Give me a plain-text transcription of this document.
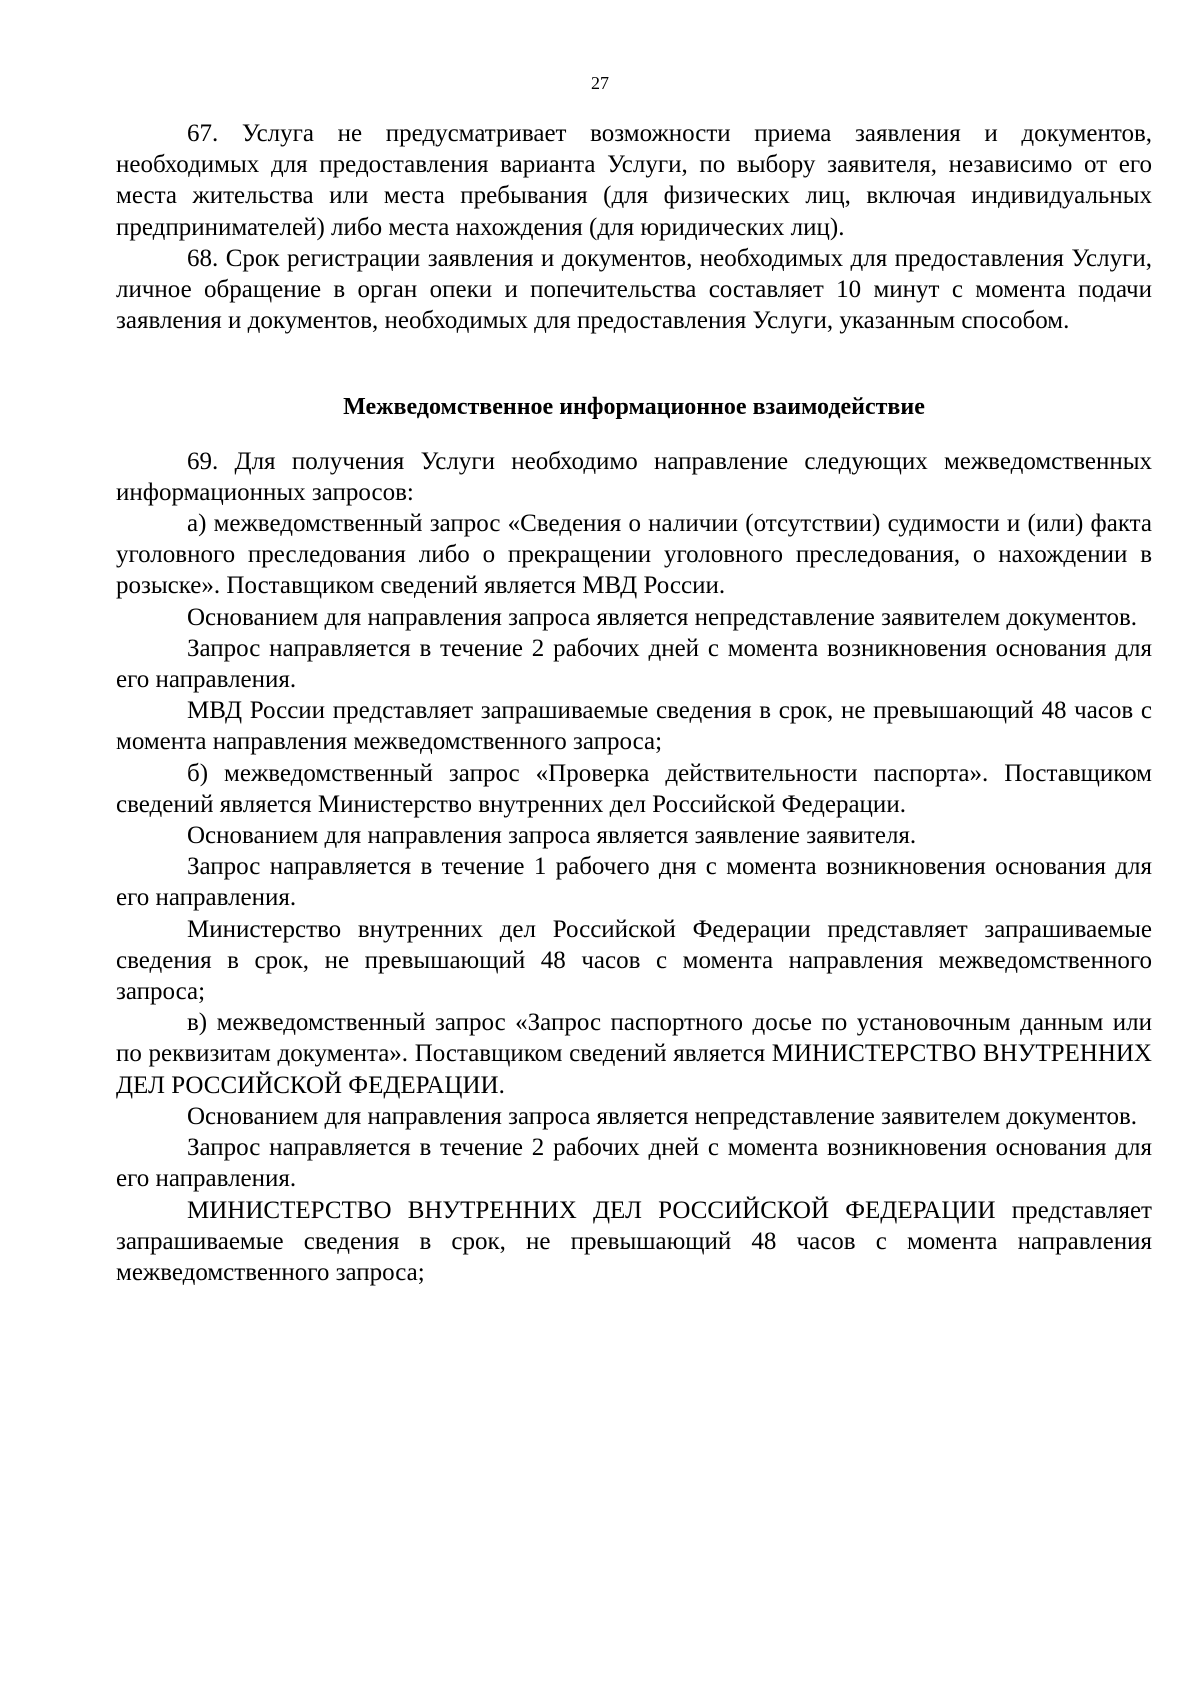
27

67. Услуга не предусматривает возможности приема заявления и документов, необходимых для предоставления варианта Услуги, по выбору заявителя, независимо от его места жительства или места пребывания (для физических лиц, включая индивидуальных предпринимателей) либо места нахождения (для юридических лиц).

68. Срок регистрации заявления и документов, необходимых для предоставления Услуги, личное обращение в орган опеки и попечительства составляет 10 минут с момента подачи заявления и документов, необходимых для предоставления Услуги, указанным способом.

Межведомственное информационное взаимодействие

69. Для получения Услуги необходимо направление следующих межведомственных информационных запросов:

а) межведомственный запрос «Сведения о наличии (отсутствии) судимости и (или) факта уголовного преследования либо о прекращении уголовного преследования, о нахождении в розыске». Поставщиком сведений является МВД России.

Основанием для направления запроса является непредставление заявителем документов.

Запрос направляется в течение 2 рабочих дней с момента возникновения основания для его направления.

МВД России представляет запрашиваемые сведения в срок, не превышающий 48 часов с момента направления межведомственного запроса;

б) межведомственный запрос «Проверка действительности паспорта». Поставщиком сведений является Министерство внутренних дел Российской Федерации.

Основанием для направления запроса является заявление заявителя.

Запрос направляется в течение 1 рабочего дня с момента возникновения основания для его направления.

Министерство внутренних дел Российской Федерации представляет запрашиваемые сведения в срок, не превышающий 48 часов с момента направления межведомственного запроса;

в) межведомственный запрос «Запрос паспортного досье по установочным данным или по реквизитам документа». Поставщиком сведений является МИНИСТЕРСТВО ВНУТРЕННИХ ДЕЛ РОССИЙСКОЙ ФЕДЕРАЦИИ.

Основанием для направления запроса является непредставление заявителем документов.

Запрос направляется в течение 2 рабочих дней с момента возникновения основания для его направления.

МИНИСТЕРСТВО ВНУТРЕННИХ ДЕЛ РОССИЙСКОЙ ФЕДЕРАЦИИ представляет запрашиваемые сведения в срок, не превышающий 48 часов с момента направления межведомственного запроса;
